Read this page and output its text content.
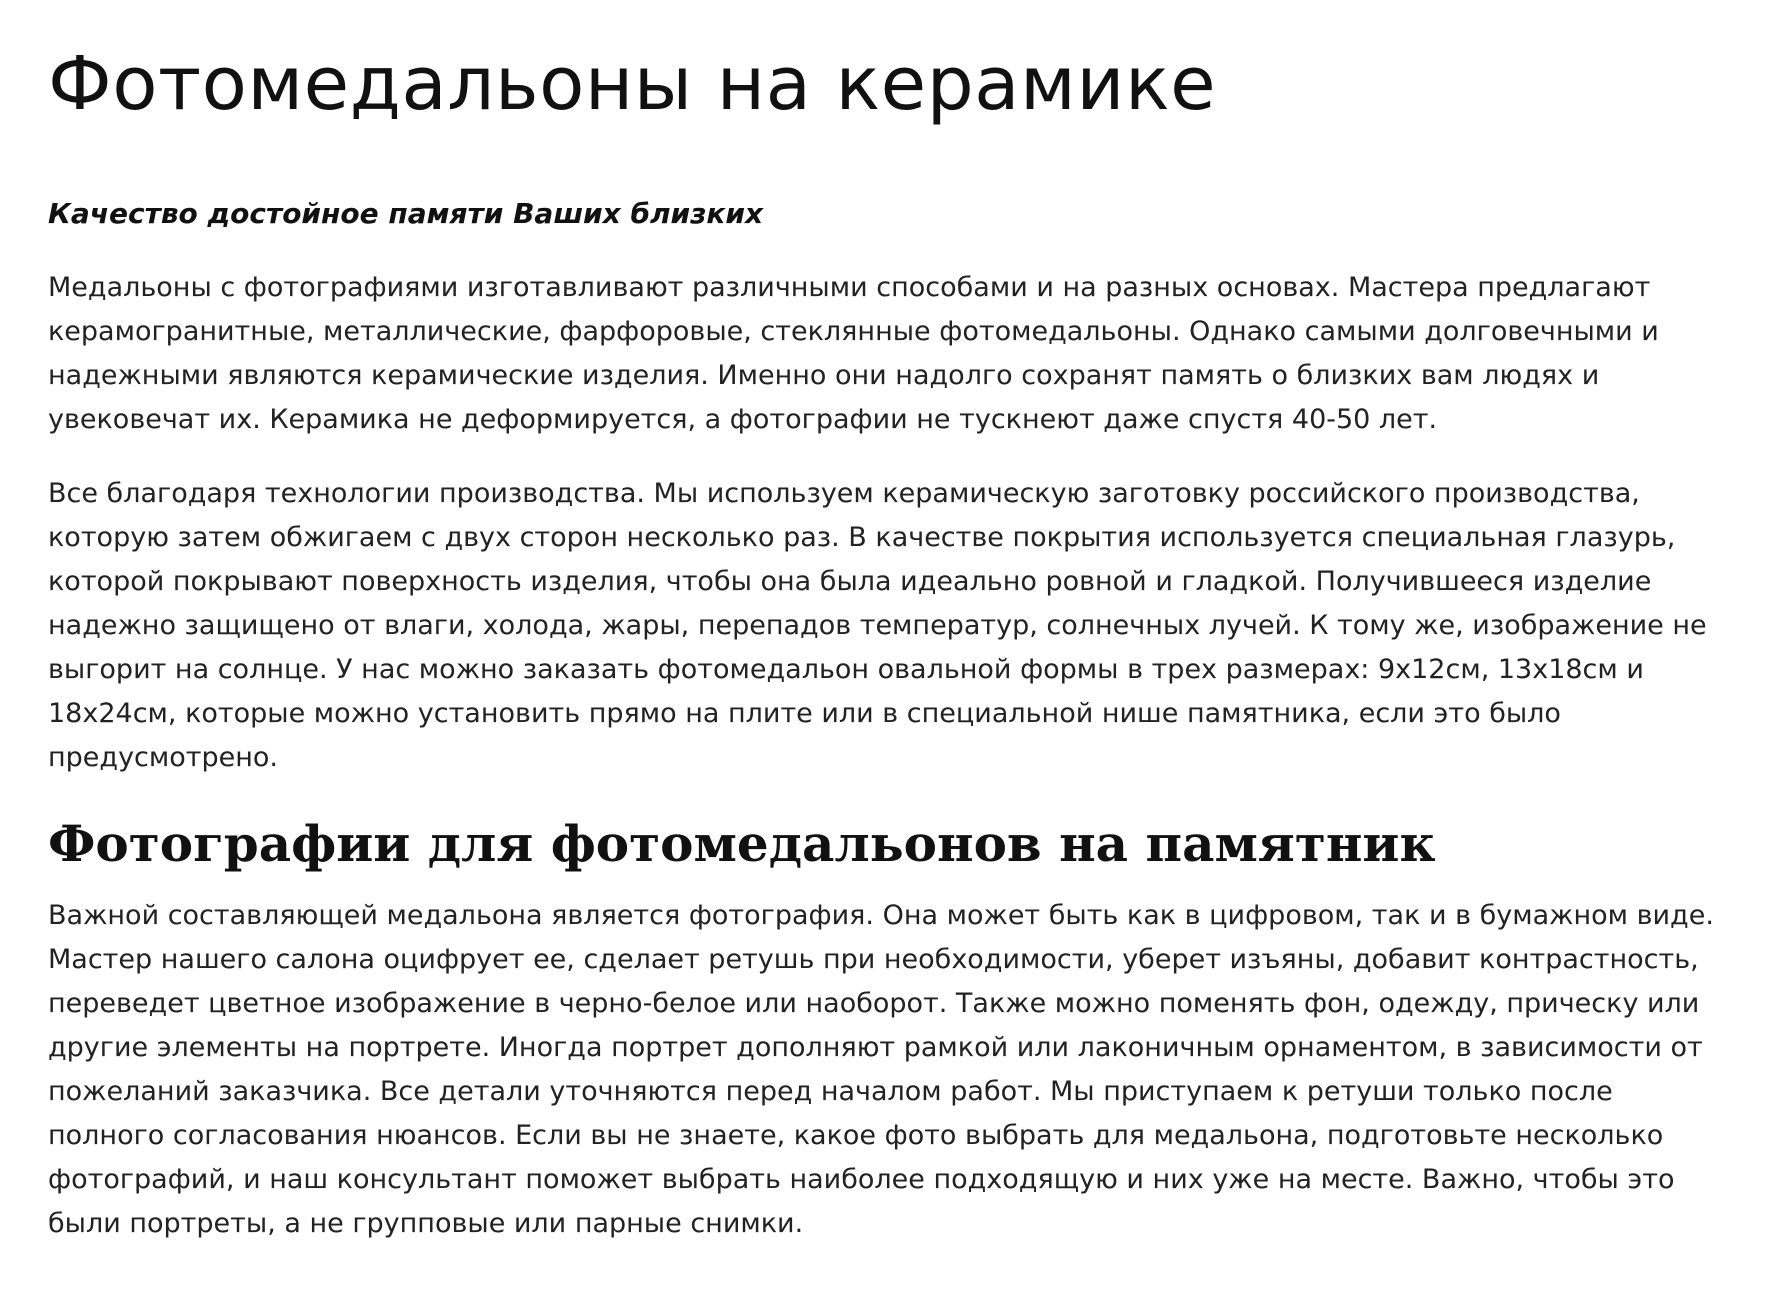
Фотомедальоны на керамике

Качество достойное памяти Ваших близких

Медальоны с фотографиями изготавливают различными способами и на разных основах. Мастера предлагают керамогранитные, металлические, фарфоровые, стеклянные фотомедальоны. Однако самыми долговечными и надежными являются керамические изделия. Именно они надолго сохранят память о близких вам людях и увековечат их. Керамика не деформируется, а фотографии не тускнеют даже спустя 40-50 лет.

Все благодаря технологии производства. Мы используем керамическую заготовку российского производства, которую затем обжигаем с двух сторон несколько раз. В качестве покрытия используется специальная глазурь, которой покрывают поверхность изделия, чтобы она была идеально ровной и гладкой. Получившееся изделие надежно защищено от влаги, холода, жары, перепадов температур, солнечных лучей. К тому же, изображение не выгорит на солнце. У нас можно заказать фотомедальон овальной формы в трех размерах: 9х12см, 13х18см и 18х24см, которые можно установить прямо на плите или в специальной нише памятника, если это было предусмотрено.

Фотографии для фотомедальонов на памятник

Важной составляющей медальона является фотография. Она может быть как в цифровом, так и в бумажном виде. Мастер нашего салона оцифрует ее, сделает ретушь при необходимости, уберет изъяны, добавит контрастность, переведет цветное изображение в черно-белое или наоборот. Также можно поменять фон, одежду, прическу или другие элементы на портрете. Иногда портрет дополняют рамкой или лаконичным орнаментом, в зависимости от пожеланий заказчика. Все детали уточняются перед началом работ. Мы приступаем к ретуши только после полного согласования нюансов. Если вы не знаете, какое фото выбрать для медальона, подготовьте несколько фотографий, и наш консультант поможет выбрать наиболее подходящую и них уже на месте. Важно, чтобы это были портреты, а не групповые или парные снимки.
